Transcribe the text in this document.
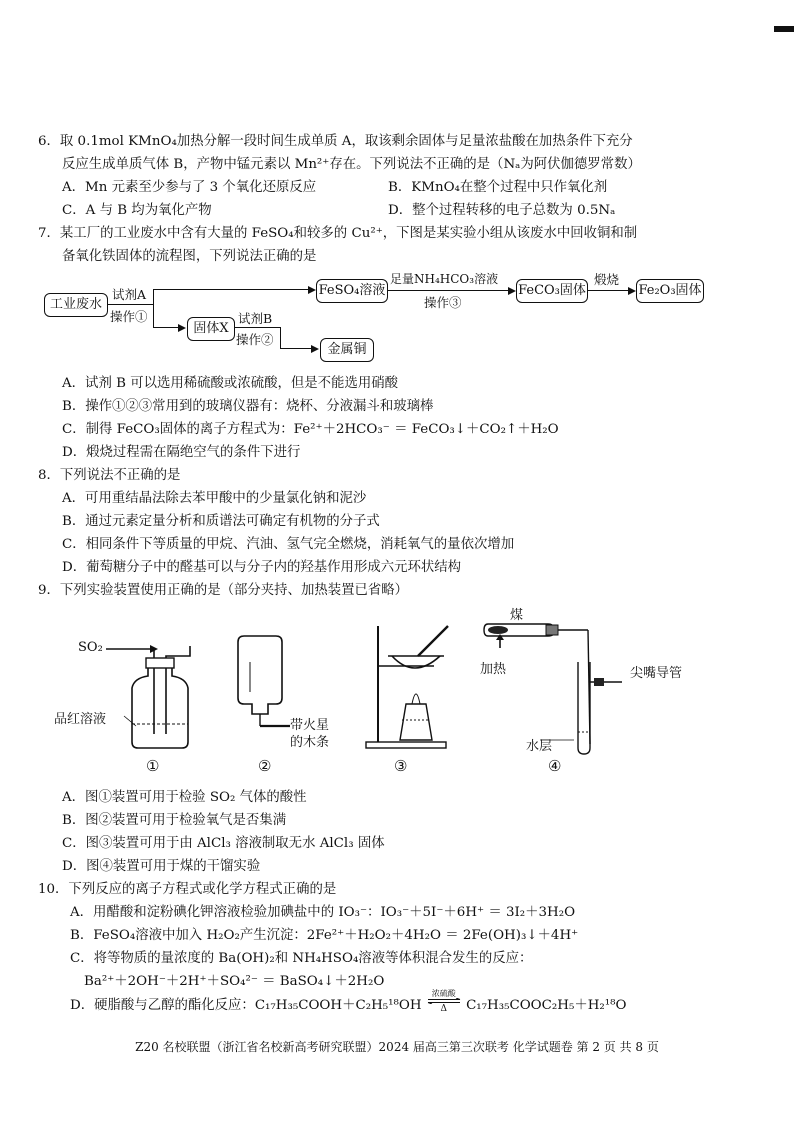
6．取 0.1mol KMnO₄加热分解一段时间生成单质 A，取该剩余固体与足量浓盐酸在加热条件下充分
反应生成单质气体 B，产物中锰元素以 Mn²⁺存在。下列说法不正确的是（Nₐ为阿伏伽德罗常数）
A．Mn 元素至少参与了 3 个氧化还原反应	B．KMnO₄在整个过程中只作氧化剂
C．A 与 B 均为氧化产物	D．整个过程转移的电子总数为 0.5Nₐ
7．某工厂的工业废水中含有大量的 FeSO₄和较多的 Cu²⁺，下图是某实验小组从该废水中回收铜和制
备氧化铁固体的流程图，下列说法正确的是
工业废水
试剂A
操作①
固体X
试剂B
操作②
金属铜
FeSO₄溶液
足量NH₄HCO₃溶液
操作③
FeCO₃固体
煅烧
Fe₂O₃固体
A．试剂 B 可以选用稀硫酸或浓硫酸，但是不能选用硝酸
B．操作①②③常用到的玻璃仪器有：烧杯、分液漏斗和玻璃棒
C．制得 FeCO₃固体的离子方程式为：Fe²⁺＋2HCO₃⁻ ＝ FeCO₃↓＋CO₂↑＋H₂O
D．煅烧过程需在隔绝空气的条件下进行
8．下列说法不正确的是
A．可用重结晶法除去苯甲酸中的少量氯化钠和泥沙
B．通过元素定量分析和质谱法可确定有机物的分子式
C．相同条件下等质量的甲烷、汽油、氢气完全燃烧，消耗氧气的量依次增加
D．葡萄糖分子中的醛基可以与分子内的羟基作用形成六元环状结构
9．下列实验装置使用正确的是（部分夹持、加热装置已省略）
SO₂
品红溶液
①
带火星
的木条
②	③
煤
加热	尖嘴导管
水层
④
A．图①装置可用于检验 SO₂ 气体的酸性
B．图②装置可用于检验氧气是否集满
C．图③装置可用于由 AlCl₃ 溶液制取无水 AlCl₃ 固体
D．图④装置可用于煤的干馏实验
10．下列反应的离子方程式或化学方程式正确的是
A．用醋酸和淀粉碘化钾溶液检验加碘盐中的 IO₃⁻：IO₃⁻＋5I⁻＋6H⁺ ＝ 3I₂＋3H₂O
B．FeSO₄溶液中加入 H₂O₂产生沉淀：2Fe²⁺＋H₂O₂＋4H₂O ＝ 2Fe(OH)₃↓＋4H⁺
C．将等物质的量浓度的 Ba(OH)₂和 NH₄HSO₄溶液等体积混合发生的反应：
Ba²⁺＋2OH⁻＋2H⁺＋SO₄²⁻ ＝ BaSO₄↓＋2H₂O
D．硬脂酸与乙醇的酯化反应：C₁₇H₃₅COOH＋C₂H₅¹⁸OH
浓硫酸
Δ	C₁₇H₃₅COOC₂H₅＋H₂¹⁸O
Z20 名校联盟（浙江省名校新高考研究联盟）2024 届高三第三次联考 化学试题卷 第 2 页 共 8 页
